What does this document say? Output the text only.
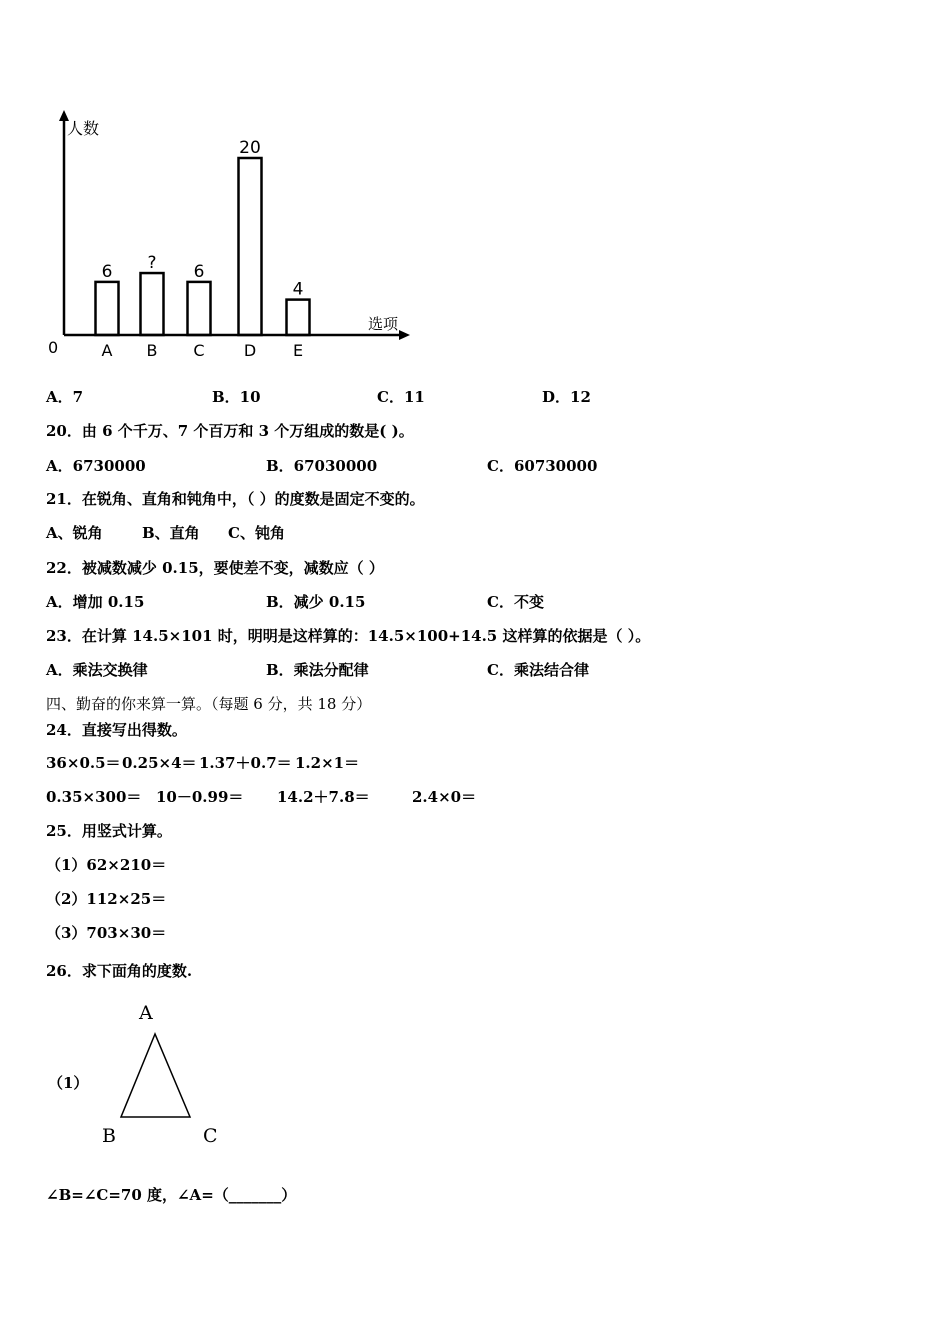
人数
选项
0
6
A
?
B
6
C
20
D
4
E
A．7	B．10	C．11	D．12
20．由 6 个千万、7 个百万和 3 个万组成的数是( )。
A．6730000	B．67030000	C．60730000
21．在锐角、直角和钝角中，（ ）的度数是固定不变的。
A、锐角	B、直角 C、钝角
22．被减数减少 0.15，要使差不变，减数应（ ）
A．增加 0.15	B．减少 0.15	C．不变
23．在计算 14.5×101 时，明明是这样算的：14.5×100+14.5 这样算的依据是（ ）。
A．乘法交换律	B．乘法分配律	C．乘法结合律
四、勤奋的你来算一算。（每题 6 分，共 18 分）
24．直接写出得数。
36×0.5＝ 0.25×4＝ 1.37＋0.7＝ 1.2×1＝
0.35×300＝ 10－0.99＝ 14.2＋7.8＝	2.4×0＝
25．用竖式计算。
（1）62×210＝
（2）112×25＝
（3）703×30＝
26．求下面角的度数.
（1）
A
B	C
∠B=∠C=70 度，∠A=（_______）
